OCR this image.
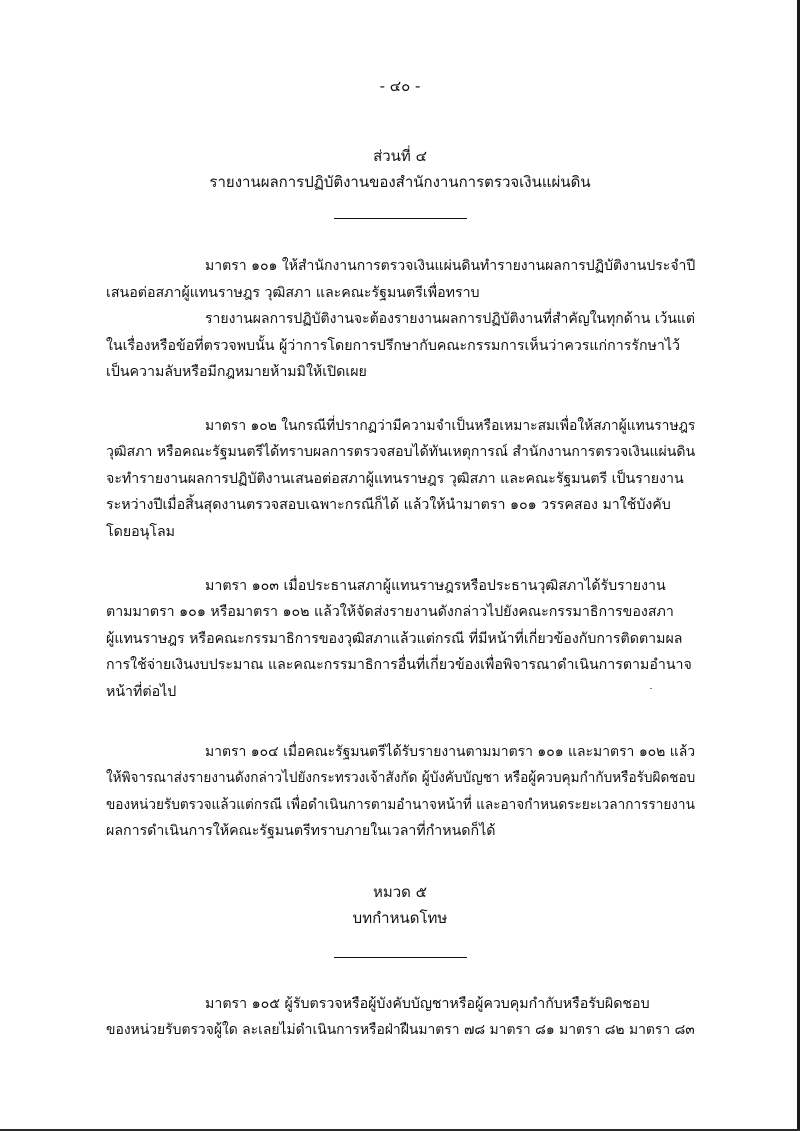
- ๔๐ -
ส่วนที่ ๔
รายงานผลการปฏิบัติงานของสำนักงานการตรวจเงินแผ่นดิน
มาตรา ๑๐๑ ให้สำนักงานการตรวจเงินแผ่นดินทำรายงานผลการปฏิบัติงานประจำปี
เสนอต่อสภาผู้แทนราษฎร วุฒิสภา และคณะรัฐมนตรีเพื่อทราบ
รายงานผลการปฏิบัติงานจะต้องรายงานผลการปฏิบัติงานที่สำคัญในทุกด้าน เว้นแต่
ในเรื่องหรือข้อที่ตรวจพบนั้น ผู้ว่าการโดยการปรึกษากับคณะกรรมการเห็นว่าควรแก่การรักษาไว้
เป็นความลับหรือมีกฎหมายห้ามมิให้เปิดเผย
มาตรา ๑๐๒ ในกรณีที่ปรากฏว่ามีความจำเป็นหรือเหมาะสมเพื่อให้สภาผู้แทนราษฎร
วุฒิสภา หรือคณะรัฐมนตรีได้ทราบผลการตรวจสอบได้ทันเหตุการณ์ สำนักงานการตรวจเงินแผ่นดิน
จะทำรายงานผลการปฏิบัติงานเสนอต่อสภาผู้แทนราษฎร วุฒิสภา และคณะรัฐมนตรี เป็นรายงาน
ระหว่างปีเมื่อสิ้นสุดงานตรวจสอบเฉพาะกรณีก็ได้ แล้วให้นำมาตรา ๑๐๑ วรรคสอง มาใช้บังคับ
โดยอนุโลม
มาตรา ๑๐๓ เมื่อประธานสภาผู้แทนราษฎรหรือประธานวุฒิสภาได้รับรายงาน
ตามมาตรา ๑๐๑ หรือมาตรา ๑๐๒ แล้วให้จัดส่งรายงานดังกล่าวไปยังคณะกรรมาธิการของสภา
ผู้แทนราษฎร หรือคณะกรรมาธิการของวุฒิสภาแล้วแต่กรณี ที่มีหน้าที่เกี่ยวข้องกับการติดตามผล
การใช้จ่ายเงินงบประมาณ และคณะกรรมาธิการอื่นที่เกี่ยวข้องเพื่อพิจารณาดำเนินการตามอำนาจ
หน้าที่ต่อไป
มาตรา ๑๐๔ เมื่อคณะรัฐมนตรีได้รับรายงานตามมาตรา ๑๐๑ และมาตรา ๑๐๒ แล้ว
ให้พิจารณาส่งรายงานดังกล่าวไปยังกระทรวงเจ้าสังกัด ผู้บังคับบัญชา หรือผู้ควบคุมกำกับหรือรับผิดชอบ
ของหน่วยรับตรวจแล้วแต่กรณี เพื่อดำเนินการตามอำนาจหน้าที่ และอาจกำหนดระยะเวลาการรายงาน
ผลการดำเนินการให้คณะรัฐมนตรีทราบภายในเวลาที่กำหนดก็ได้
หมวด ๕
บทกำหนดโทษ
มาตรา ๑๐๕ ผู้รับตรวจหรือผู้บังคับบัญชาหรือผู้ควบคุมกำกับหรือรับผิดชอบ
ของหน่วยรับตรวจผู้ใด ละเลยไม่ดำเนินการหรือฝ่าฝืนมาตรา ๗๘ มาตรา ๘๑ มาตรา ๘๒ มาตรา ๘๓
